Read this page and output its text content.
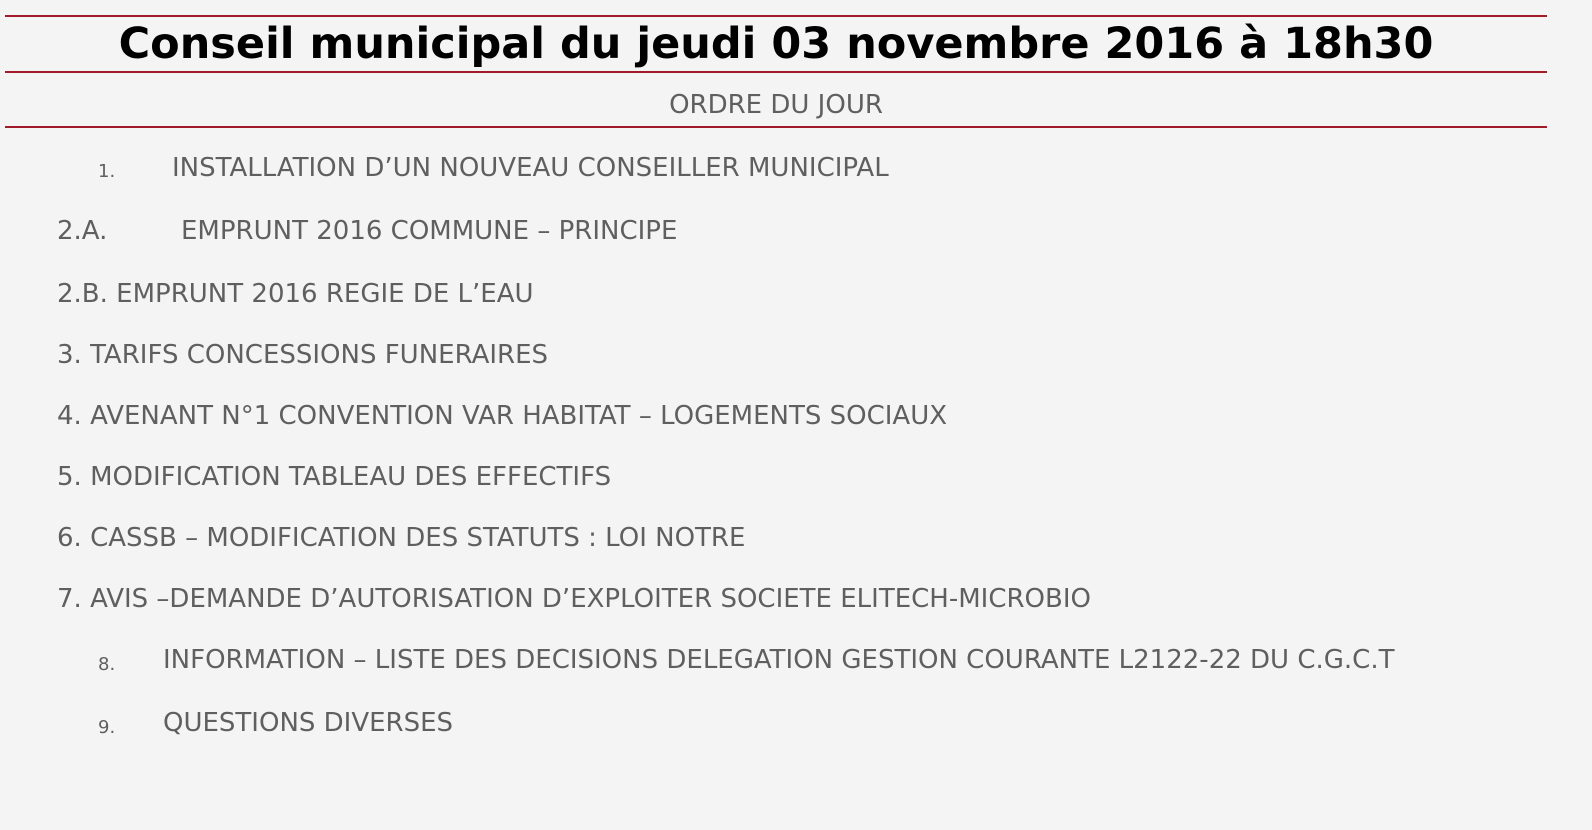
Conseil municipal du jeudi 03 novembre 2016 à 18h30
ORDRE DU JOUR
1. INSTALLATION D’UN NOUVEAU CONSEILLER MUNICIPAL
2.A.	EMPRUNT 2016 COMMUNE – PRINCIPE
2.B. EMPRUNT 2016 REGIE DE L’EAU
3. TARIFS CONCESSIONS FUNERAIRES
4. AVENANT N°1 CONVENTION VAR HABITAT – LOGEMENTS SOCIAUX
5. MODIFICATION TABLEAU DES EFFECTIFS
6. CASSB – MODIFICATION DES STATUTS : LOI NOTRE
7. AVIS –DEMANDE D’AUTORISATION D’EXPLOITER SOCIETE ELITECH-MICROBIO
8. INFORMATION – LISTE DES DECISIONS DELEGATION GESTION COURANTE L2122-22 DU C.G.C.T
9. QUESTIONS DIVERSES
